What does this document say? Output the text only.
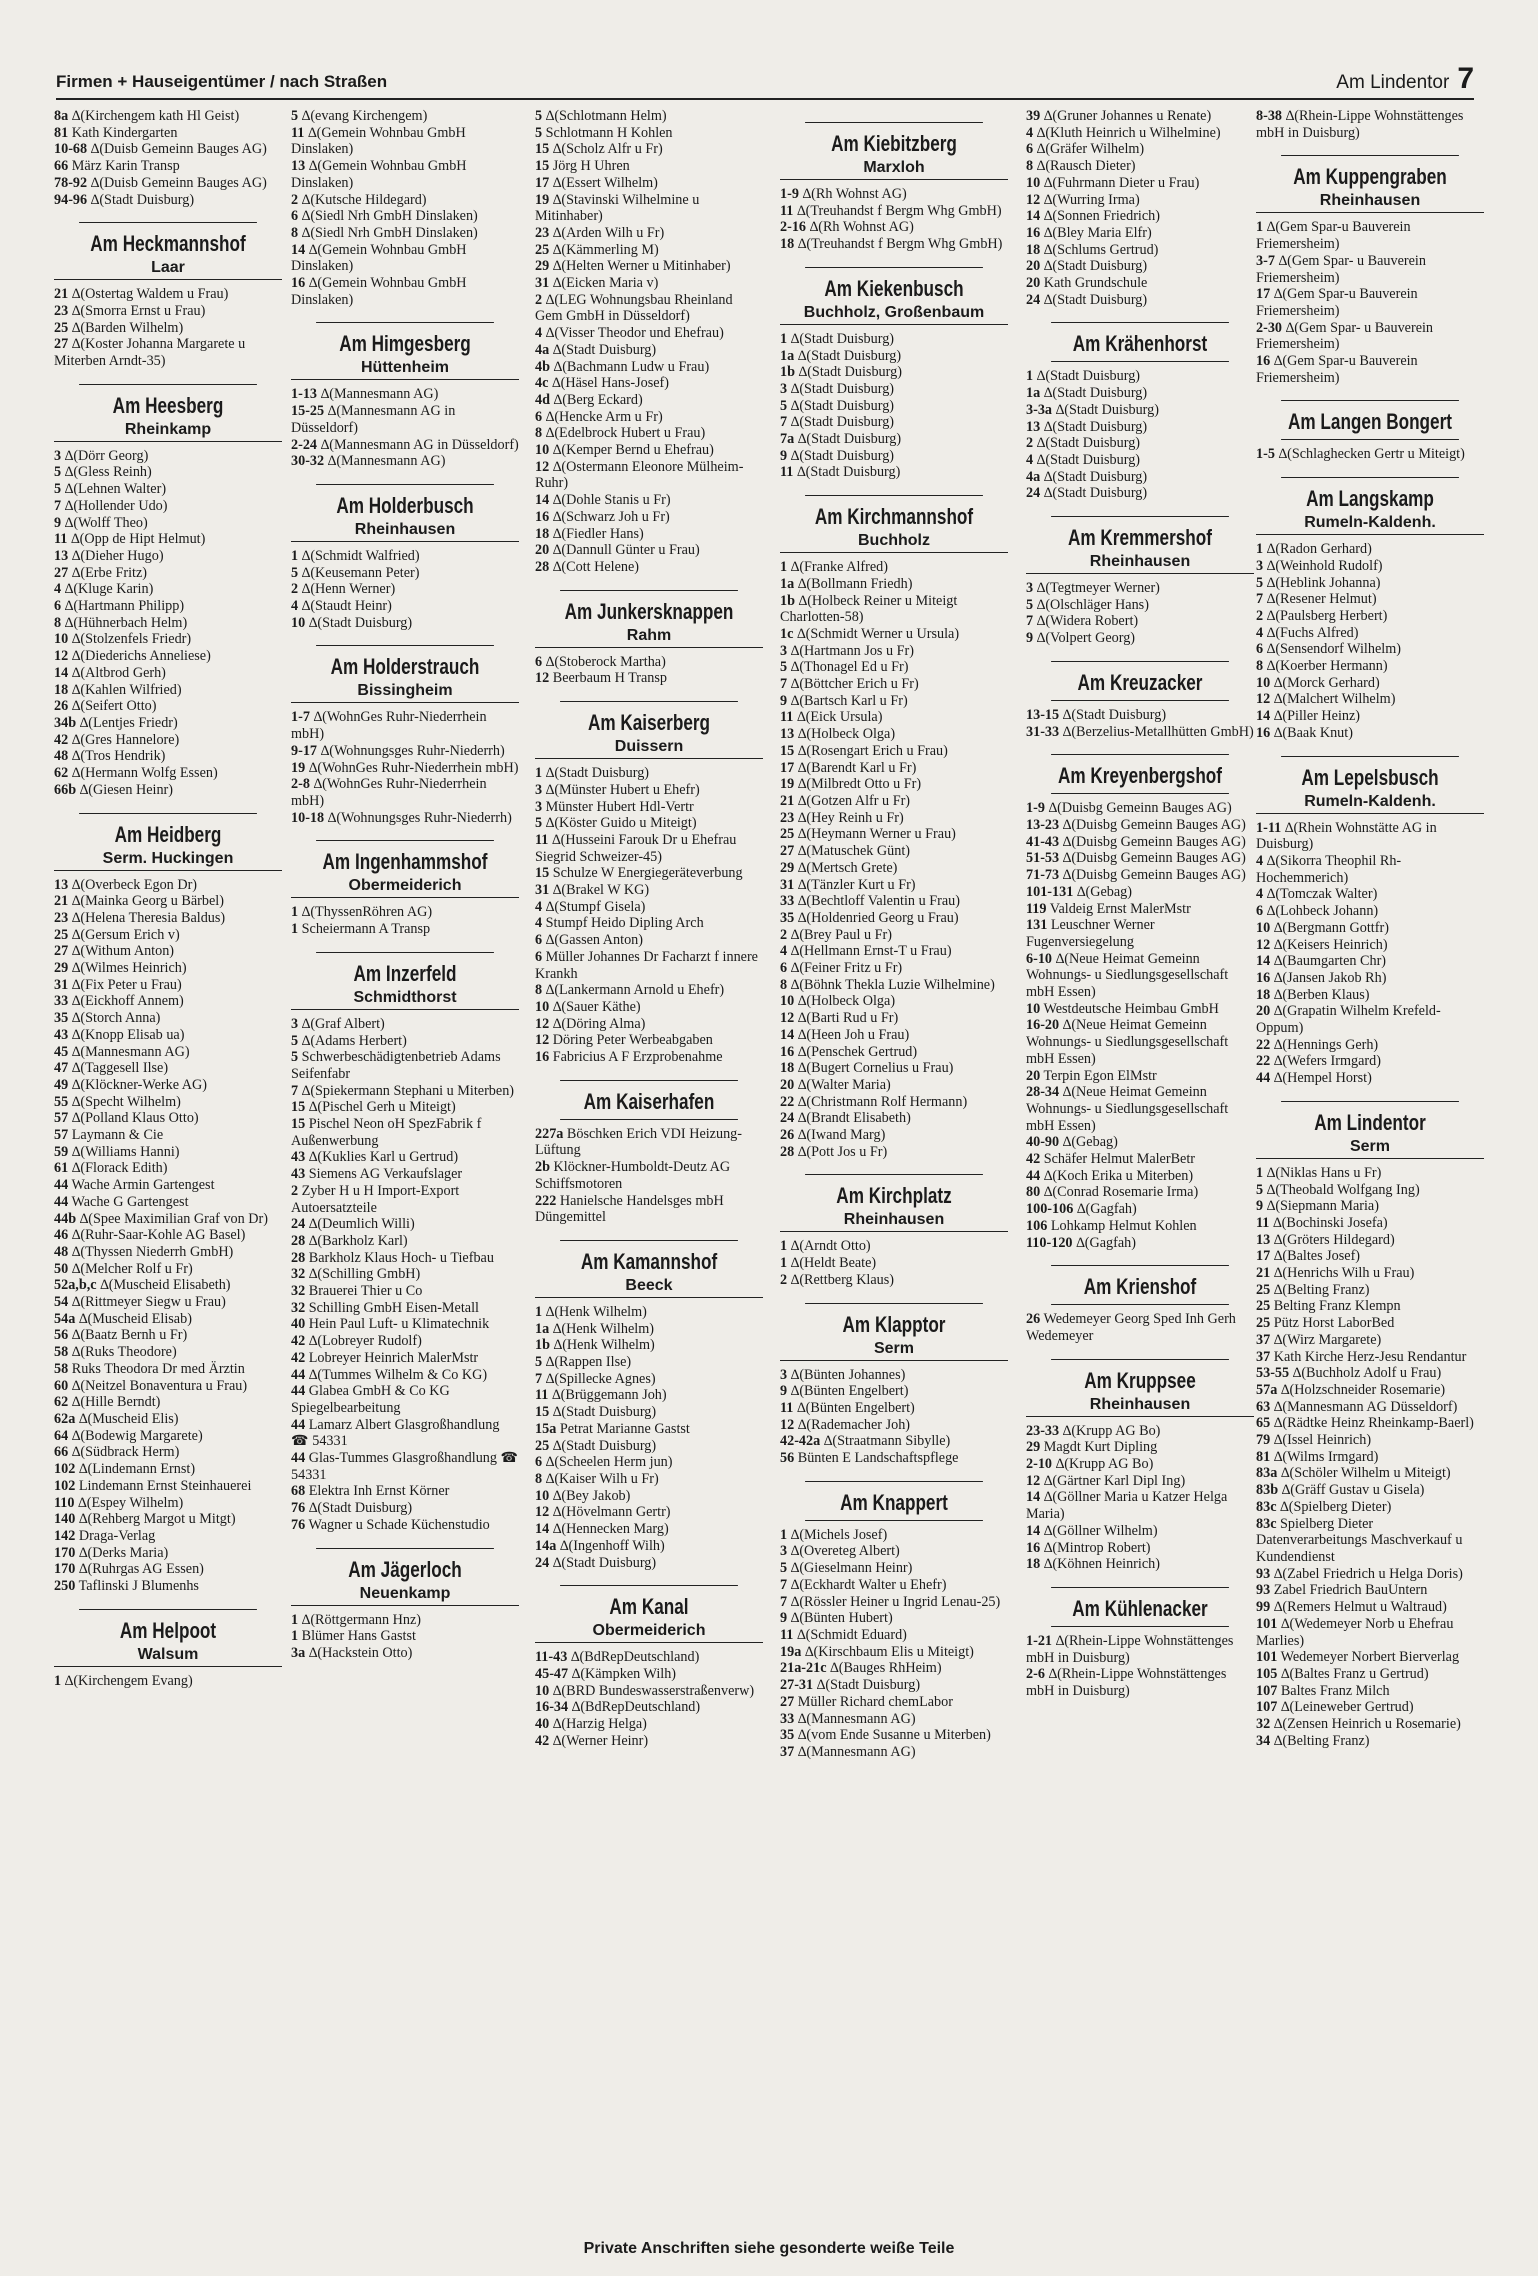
Firmen + Hauseigentümer / nach Straßen	Am Lindentor 7

8a ∆(Kirchengem kath Hl Geist)

81 Kath Kindergarten

10-68 ∆(Duisb Gemeinn Bauges AG)

66 März Karin Transp

78-92 ∆(Duisb Gemeinn Bauges AG)

94-96 ∆(Stadt Duisburg)

Am Heckmannshof
Laar

21 ∆(Ostertag Waldem u Frau)

23 ∆(Smorra Ernst u Frau)

25 ∆(Barden Wilhelm)

27 ∆(Koster Johanna Margarete u Miterben Arndt-35)

Am Heesberg
Rheinkamp

3 ∆(Dörr Georg)

5 ∆(Gless Reinh)

5 ∆(Lehnen Walter)

7 ∆(Hollender Udo)

9 ∆(Wolff Theo)

11 ∆(Opp de Hipt Helmut)

13 ∆(Dieher Hugo)

27 ∆(Erbe Fritz)

4 ∆(Kluge Karin)

6 ∆(Hartmann Philipp)

8 ∆(Hühnerbach Helm)

10 ∆(Stolzenfels Friedr)

12 ∆(Diederichs Anneliese)

14 ∆(Altbrod Gerh)

18 ∆(Kahlen Wilfried)

26 ∆(Seifert Otto)

34b ∆(Lentjes Friedr)

42 ∆(Gres Hannelore)

48 ∆(Tros Hendrik)

62 ∆(Hermann Wolfg Essen)

66b ∆(Giesen Heinr)

Am Heidberg
Serm. Huckingen

13 ∆(Overbeck Egon Dr)

21 ∆(Mainka Georg u Bärbel)

23 ∆(Helena Theresia Baldus)

25 ∆(Gersum Erich v)

27 ∆(Withum Anton)

29 ∆(Wilmes Heinrich)

31 ∆(Fix Peter u Frau)

33 ∆(Eickhoff Annem)

35 ∆(Storch Anna)

43 ∆(Knopp Elisab ua)

45 ∆(Mannesmann AG)

47 ∆(Taggesell Ilse)

49 ∆(Klöckner-Werke AG)

55 ∆(Specht Wilhelm)

57 ∆(Polland Klaus Otto)

57 Laymann & Cie

59 ∆(Williams Hanni)

61 ∆(Florack Edith)

44 Wache Armin Gartengest

44 Wache G Gartengest

44b ∆(Spee Maximilian Graf von Dr)

46 ∆(Ruhr-Saar-Kohle AG Basel)

48 ∆(Thyssen Niederrh GmbH)

50 ∆(Melcher Rolf u Fr)

52a,b,c ∆(Muscheid Elisabeth)

54 ∆(Rittmeyer Siegw u Frau)

54a ∆(Muscheid Elisab)

56 ∆(Baatz Bernh u Fr)

58 ∆(Ruks Theodore)

58 Ruks Theodora Dr med Ärztin

60 ∆(Neitzel Bonaventura u Frau)

62 ∆(Hille Berndt)

62a ∆(Muscheid Elis)

64 ∆(Bodewig Margarete)

66 ∆(Südbrack Herm)

102 ∆(Lindemann Ernst)

102 Lindemann Ernst Steinhauerei

110 ∆(Espey Wilhelm)

140 ∆(Rehberg Margot u Mitgt)

142 Draga-Verlag

170 ∆(Derks Maria)

170 ∆(Ruhrgas AG Essen)

250 Taflinski J Blumenhs

Am Helpoot
Walsum

1 ∆(Kirchengem Evang)

5 ∆(evang Kirchengem)

11 ∆(Gemein Wohnbau GmbH Dinslaken)

13 ∆(Gemein Wohnbau GmbH Dinslaken)

2 ∆(Kutsche Hildegard)

6 ∆(Siedl Nrh GmbH Dinslaken)

8 ∆(Siedl Nrh GmbH Dinslaken)

14 ∆(Gemein Wohnbau GmbH Dinslaken)

16 ∆(Gemein Wohnbau GmbH Dinslaken)

Am Himgesberg
Hüttenheim

1-13 ∆(Mannesmann AG)

15-25 ∆(Mannesmann AG in Düsseldorf)

2-24 ∆(Mannesmann AG in Düsseldorf)

30-32 ∆(Mannesmann AG)

Am Holderbusch
Rheinhausen

1 ∆(Schmidt Walfried)

5 ∆(Keusemann Peter)

2 ∆(Henn Werner)

4 ∆(Staudt Heinr)

10 ∆(Stadt Duisburg)

Am Holderstrauch
Bissingheim

1-7 ∆(WohnGes Ruhr-Niederrhein mbH)

9-17 ∆(Wohnungsges Ruhr-Niederrh)

19 ∆(WohnGes Ruhr-Niederrhein mbH)

2-8 ∆(WohnGes Ruhr-Niederrhein mbH)

10-18 ∆(Wohnungsges Ruhr-Niederrh)

Am Ingenhammshof
Obermeiderich

1 ∆(ThyssenRöhren AG)

1 Scheiermann A Transp

Am Inzerfeld
Schmidthorst

3 ∆(Graf Albert)

5 ∆(Adams Herbert)

5 Schwerbeschädigtenbetrieb Adams Seifenfabr

7 ∆(Spiekermann Stephani u Miterben)

15 ∆(Pischel Gerh u Miteigt)

15 Pischel Neon oH SpezFabrik f Außenwerbung

43 ∆(Kuklies Karl u Gertrud)

43 Siemens AG Verkaufslager

2 Zyber H u H Import-Export Autoersatzteile

24 ∆(Deumlich Willi)

28 ∆(Barkholz Karl)

28 Barkholz Klaus Hoch- u Tiefbau

32 ∆(Schilling GmbH)

32 Brauerei Thier u Co

32 Schilling GmbH Eisen-Metall

40 Hein Paul Luft- u Klimatechnik

42 ∆(Lobreyer Rudolf)

42 Lobreyer Heinrich MalerMstr

44 ∆(Tummes Wilhelm & Co KG)

44 Glabea GmbH & Co KG Spiegelbearbeitung

44 Lamarz Albert Glasgroßhandlung ☎ 54331

44 Glas-Tummes Glasgroßhandlung ☎ 54331

68 Elektra Inh Ernst Körner

76 ∆(Stadt Duisburg)

76 Wagner u Schade Küchenstudio

Am Jägerloch
Neuenkamp

1 ∆(Röttgermann Hnz)

1 Blümer Hans Gastst

3a ∆(Hackstein Otto)

5 ∆(Schlotmann Helm)

5 Schlotmann H Kohlen

15 ∆(Scholz Alfr u Fr)

15 Jörg H Uhren

17 ∆(Essert Wilhelm)

19 ∆(Stavinski Wilhelmine u Mitinhaber)

23 ∆(Arden Wilh u Fr)

25 ∆(Kämmerling M)

29 ∆(Helten Werner u Mitinhaber)

31 ∆(Eicken Maria v)

2 ∆(LEG Wohnungsbau Rheinland Gem GmbH in Düsseldorf)

4 ∆(Visser Theodor und Ehefrau)

4a ∆(Stadt Duisburg)

4b ∆(Bachmann Ludw u Frau)

4c ∆(Häsel Hans-Josef)

4d ∆(Berg Eckard)

6 ∆(Hencke Arm u Fr)

8 ∆(Edelbrock Hubert u Frau)

10 ∆(Kemper Bernd u Ehefrau)

12 ∆(Ostermann Eleonore Mülheim-Ruhr)

14 ∆(Dohle Stanis u Fr)

16 ∆(Schwarz Joh u Fr)

18 ∆(Fiedler Hans)

20 ∆(Dannull Günter u Frau)

28 ∆(Cott Helene)

Am Junkersknappen
Rahm

6 ∆(Stoberock Martha)

12 Beerbaum H Transp

Am Kaiserberg
Duissern

1 ∆(Stadt Duisburg)

3 ∆(Münster Hubert u Ehefr)

3 Münster Hubert Hdl-Vertr

5 ∆(Köster Guido u Miteigt)

11 ∆(Husseini Farouk Dr u Ehefrau Siegrid Schweizer-45)

15 Schulze W Energiegeräteverbung

31 ∆(Brakel W KG)

4 ∆(Stumpf Gisela)

4 Stumpf Heido Dipling Arch

6 ∆(Gassen Anton)

6 Müller Johannes Dr Facharzt f innere Krankh

8 ∆(Lankermann Arnold u Ehefr)

10 ∆(Sauer Käthe)

12 ∆(Döring Alma)

12 Döring Peter Werbeabgaben

16 Fabricius A F Erzprobenahme

Am Kaiserhafen

227a Böschken Erich VDI Heizung-Lüftung

2b Klöckner-Humboldt-Deutz AG Schiffsmotoren

222 Hanielsche Handelsges mbH Düngemittel

Am Kamannshof
Beeck

1 ∆(Henk Wilhelm)

1a ∆(Henk Wilhelm)

1b ∆(Henk Wilhelm)

5 ∆(Rappen Ilse)

7 ∆(Spillecke Agnes)

11 ∆(Brüggemann Joh)

15 ∆(Stadt Duisburg)

15a Petrat Marianne Gastst

25 ∆(Stadt Duisburg)

6 ∆(Scheelen Herm jun)

8 ∆(Kaiser Wilh u Fr)

10 ∆(Bey Jakob)

12 ∆(Hövelmann Gertr)

14 ∆(Hennecken Marg)

14a ∆(Ingenhoff Wilh)

24 ∆(Stadt Duisburg)

Am Kanal
Obermeiderich

11-43 ∆(BdRepDeutschland)

45-47 ∆(Kämpken Wilh)

10 ∆(BRD Bundeswasserstraßenverw)

16-34 ∆(BdRepDeutschland)

40 ∆(Harzig Helga)

42 ∆(Werner Heinr)

Am Kiebitzberg
Marxloh

1-9 ∆(Rh Wohnst AG)

11 ∆(Treuhandst f Bergm Whg GmbH)

2-16 ∆(Rh Wohnst AG)

18 ∆(Treuhandst f Bergm Whg GmbH)

Am Kiekenbusch
Buchholz, Großenbaum

1 ∆(Stadt Duisburg)

1a ∆(Stadt Duisburg)

1b ∆(Stadt Duisburg)

3 ∆(Stadt Duisburg)

5 ∆(Stadt Duisburg)

7 ∆(Stadt Duisburg)

7a ∆(Stadt Duisburg)

9 ∆(Stadt Duisburg)

11 ∆(Stadt Duisburg)

Am Kirchmannshof
Buchholz

1 ∆(Franke Alfred)

1a ∆(Bollmann Friedh)

1b ∆(Holbeck Reiner u Miteigt Charlotten-58)

1c ∆(Schmidt Werner u Ursula)

3 ∆(Hartmann Jos u Fr)

5 ∆(Thonagel Ed u Fr)

7 ∆(Böttcher Erich u Fr)

9 ∆(Bartsch Karl u Fr)

11 ∆(Eick Ursula)

13 ∆(Holbeck Olga)

15 ∆(Rosengart Erich u Frau)

17 ∆(Barendt Karl u Fr)

19 ∆(Milbredt Otto u Fr)

21 ∆(Gotzen Alfr u Fr)

23 ∆(Hey Reinh u Fr)

25 ∆(Heymann Werner u Frau)

27 ∆(Matuschek Günt)

29 ∆(Mertsch Grete)

31 ∆(Tänzler Kurt u Fr)

33 ∆(Bechtloff Valentin u Frau)

35 ∆(Holdenried Georg u Frau)

2 ∆(Brey Paul u Fr)

4 ∆(Hellmann Ernst-T u Frau)

6 ∆(Feiner Fritz u Fr)

8 ∆(Böhnk Thekla Luzie Wilhelmine)

10 ∆(Holbeck Olga)

12 ∆(Barti Rud u Fr)

14 ∆(Heen Joh u Frau)

16 ∆(Penschek Gertrud)

18 ∆(Bugert Cornelius u Frau)

20 ∆(Walter Maria)

22 ∆(Christmann Rolf Hermann)

24 ∆(Brandt Elisabeth)

26 ∆(Iwand Marg)

28 ∆(Pott Jos u Fr)

Am Kirchplatz
Rheinhausen

1 ∆(Arndt Otto)

1 ∆(Heldt Beate)

2 ∆(Rettberg Klaus)

Am Klapptor
Serm

3 ∆(Bünten Johannes)

9 ∆(Bünten Engelbert)

11 ∆(Bünten Engelbert)

12 ∆(Rademacher Joh)

42-42a ∆(Straatmann Sibylle)

56 Bünten E Landschaftspflege

Am Knappert

1 ∆(Michels Josef)

3 ∆(Overeteg Albert)

5 ∆(Gieselmann Heinr)

7 ∆(Eckhardt Walter u Ehefr)

7 ∆(Rössler Heiner u Ingrid Lenau-25)

9 ∆(Bünten Hubert)

11 ∆(Schmidt Eduard)

19a ∆(Kirschbaum Elis u Miteigt)

21a-21c ∆(Bauges RhHeim)

27-31 ∆(Stadt Duisburg)

27 Müller Richard chemLabor

33 ∆(Mannesmann AG)

35 ∆(vom Ende Susanne u Miterben)

37 ∆(Mannesmann AG)

39 ∆(Gruner Johannes u Renate)

4 ∆(Kluth Heinrich u Wilhelmine)

6 ∆(Gräfer Wilhelm)

8 ∆(Rausch Dieter)

10 ∆(Fuhrmann Dieter u Frau)

12 ∆(Wurring Irma)

14 ∆(Sonnen Friedrich)

16 ∆(Bley Maria Elfr)

18 ∆(Schlums Gertrud)

20 ∆(Stadt Duisburg)

20 Kath Grundschule

24 ∆(Stadt Duisburg)

Am Krähenhorst

1 ∆(Stadt Duisburg)

1a ∆(Stadt Duisburg)

3-3a ∆(Stadt Duisburg)

13 ∆(Stadt Duisburg)

2 ∆(Stadt Duisburg)

4 ∆(Stadt Duisburg)

4a ∆(Stadt Duisburg)

24 ∆(Stadt Duisburg)

Am Kremmershof
Rheinhausen

3 ∆(Tegtmeyer Werner)

5 ∆(Olschläger Hans)

7 ∆(Widera Robert)

9 ∆(Volpert Georg)

Am Kreuzacker

13-15 ∆(Stadt Duisburg)

31-33 ∆(Berzelius-Metallhütten GmbH)

Am Kreyenbergshof

1-9 ∆(Duisbg Gemeinn Bauges AG)

13-23 ∆(Duisbg Gemeinn Bauges AG)

41-43 ∆(Duisbg Gemeinn Bauges AG)

51-53 ∆(Duisbg Gemeinn Bauges AG)

71-73 ∆(Duisbg Gemeinn Bauges AG)

101-131 ∆(Gebag)

119 Valdeig Ernst MalerMstr

131 Leuschner Werner Fugenversiegelung

6-10 ∆(Neue Heimat Gemeinn Wohnungs- u Siedlungsgesellschaft mbH Essen)

10 Westdeutsche Heimbau GmbH

16-20 ∆(Neue Heimat Gemeinn Wohnungs- u Siedlungsgesellschaft mbH Essen)

20 Terpin Egon ElMstr

28-34 ∆(Neue Heimat Gemeinn Wohnungs- u Siedlungsgesellschaft mbH Essen)

40-90 ∆(Gebag)

42 Schäfer Helmut MalerBetr

44 ∆(Koch Erika u Miterben)

80 ∆(Conrad Rosemarie Irma)

100-106 ∆(Gagfah)

106 Lohkamp Helmut Kohlen

110-120 ∆(Gagfah)

Am Krienshof

26 Wedemeyer Georg Sped Inh Gerh Wedemeyer

Am Kruppsee
Rheinhausen

23-33 ∆(Krupp AG Bo)

29 Magdt Kurt Dipling

2-10 ∆(Krupp AG Bo)

12 ∆(Gärtner Karl Dipl Ing)

14 ∆(Göllner Maria u Katzer Helga Maria)

14 ∆(Göllner Wilhelm)

16 ∆(Mintrop Robert)

18 ∆(Köhnen Heinrich)

Am Kühlenacker

1-21 ∆(Rhein-Lippe Wohnstättenges mbH in Duisburg)

2-6 ∆(Rhein-Lippe Wohnstättenges mbH in Duisburg)

8-38 ∆(Rhein-Lippe Wohnstättenges mbH in Duisburg)

Am Kuppengraben
Rheinhausen

1 ∆(Gem Spar-u Bauverein Friemersheim)

3-7 ∆(Gem Spar- u Bauverein Friemersheim)

17 ∆(Gem Spar-u Bauverein Friemersheim)

2-30 ∆(Gem Spar- u Bauverein Friemersheim)

16 ∆(Gem Spar-u Bauverein Friemersheim)

Am Langen Bongert

1-5 ∆(Schlaghecken Gertr u Miteigt)

Am Langskamp
Rumeln-Kaldenh.

1 ∆(Radon Gerhard)

3 ∆(Weinhold Rudolf)

5 ∆(Heblink Johanna)

7 ∆(Resener Helmut)

2 ∆(Paulsberg Herbert)

4 ∆(Fuchs Alfred)

6 ∆(Sensendorf Wilhelm)

8 ∆(Koerber Hermann)

10 ∆(Morck Gerhard)

12 ∆(Malchert Wilhelm)

14 ∆(Piller Heinz)

16 ∆(Baak Knut)

Am Lepelsbusch
Rumeln-Kaldenh.

1-11 ∆(Rhein Wohnstätte AG in Duisburg)

4 ∆(Sikorra Theophil Rh-Hochemmerich)

4 ∆(Tomczak Walter)

6 ∆(Lohbeck Johann)

10 ∆(Bergmann Gottfr)

12 ∆(Keisers Heinrich)

14 ∆(Baumgarten Chr)

16 ∆(Jansen Jakob Rh)

18 ∆(Berben Klaus)

20 ∆(Grapatin Wilhelm Krefeld-Oppum)

22 ∆(Hennings Gerh)

22 ∆(Wefers Irmgard)

44 ∆(Hempel Horst)

Am Lindentor
Serm

1 ∆(Niklas Hans u Fr)

5 ∆(Theobald Wolfgang Ing)

9 ∆(Siepmann Maria)

11 ∆(Bochinski Josefa)

13 ∆(Gröters Hildegard)

17 ∆(Baltes Josef)

21 ∆(Henrichs Wilh u Frau)

25 ∆(Belting Franz)

25 Belting Franz Klempn

25 Pütz Horst LaborBed

37 ∆(Wirz Margarete)

37 Kath Kirche Herz-Jesu Rendantur

53-55 ∆(Buchholz Adolf u Frau)

57a ∆(Holzschneider Rosemarie)

63 ∆(Mannesmann AG Düsseldorf)

65 ∆(Rädtke Heinz Rheinkamp-Baerl)

79 ∆(Issel Heinrich)

81 ∆(Wilms Irmgard)

83a ∆(Schöler Wilhelm u Miteigt)

83b ∆(Gräff Gustav u Gisela)

83c ∆(Spielberg Dieter)

83c Spielberg Dieter Datenverarbeitungs Maschverkauf u Kundendienst

93 ∆(Zabel Friedrich u Helga Doris)

93 Zabel Friedrich BauUntern

99 ∆(Remers Helmut u Waltraud)

101 ∆(Wedemeyer Norb u Ehefrau Marlies)

101 Wedemeyer Norbert Bierverlag

105 ∆(Baltes Franz u Gertrud)

107 Baltes Franz Milch

107 ∆(Leineweber Gertrud)

32 ∆(Zensen Heinrich u Rosemarie)

34 ∆(Belting Franz)

Private Anschriften siehe gesonderte weiße Teile
